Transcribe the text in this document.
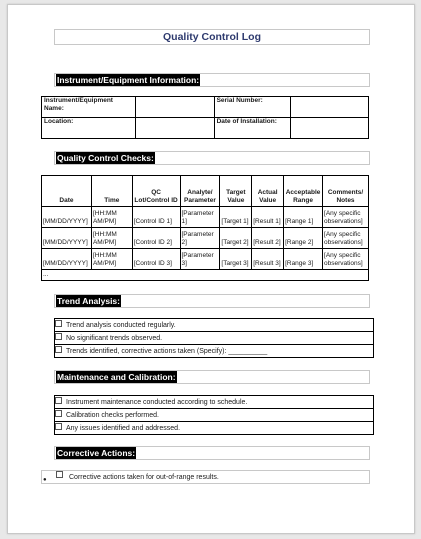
Quality Control Log
Instrument/Equipment Information:
Instrument/Equipment Name:		Serial Number:	
Location:		Date of Installation:	
Quality Control Checks:
Date	Time	QC Lot/Control ID	Analyte/ Parameter	Target Value	Actual Value	Acceptable Range	Comments/ Notes
[MM/DD/YYYY]	[HH:MM AM/PM]	[Control ID 1]	[Parameter 1]	[Target 1]	[Result 1]	[Range 1]	[Any specific observations]
[MM/DD/YYYY]	[HH:MM AM/PM]	[Control ID 2]	[Parameter 2]	[Target 2]	[Result 2]	[Range 2]	[Any specific observations]
[MM/DD/YYYY]	[HH:MM AM/PM]	[Control ID 3]	[Parameter 3]	[Target 3]	[Result 3]	[Range 3]	[Any specific observations]
...							
Trend Analysis:
Trend analysis conducted regularly.
No significant trends observed.
Trends identified, corrective actions taken (Specify): __________
Maintenance and Calibration:
Instrument maintenance conducted according to schedule.
Calibration checks performed.
Any issues identified and addressed.
Corrective Actions:
●	Corrective actions taken for out-of-range results.
